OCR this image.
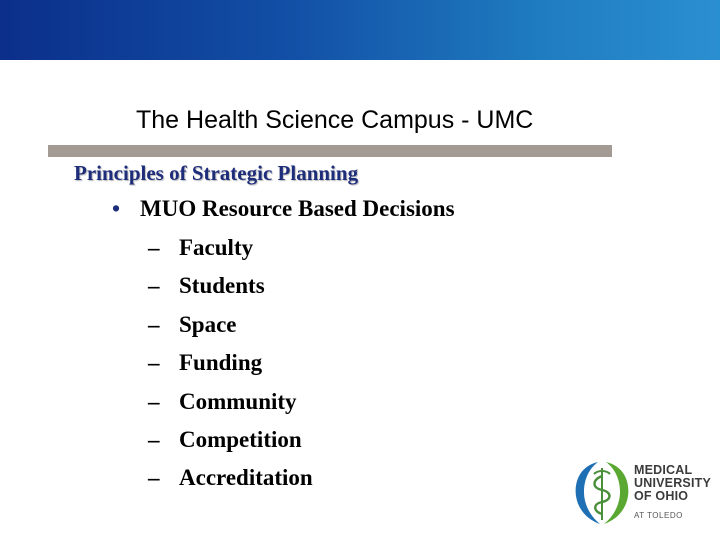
The Health Science Campus - UMC
Principles of Strategic Planning
• MUO Resource Based Decisions
– Faculty
– Students
– Space
– Funding
– Community
– Competition
– Accreditation	MEDICAL
UNIVERSITY
OF OHIO
AT TOLEDO
